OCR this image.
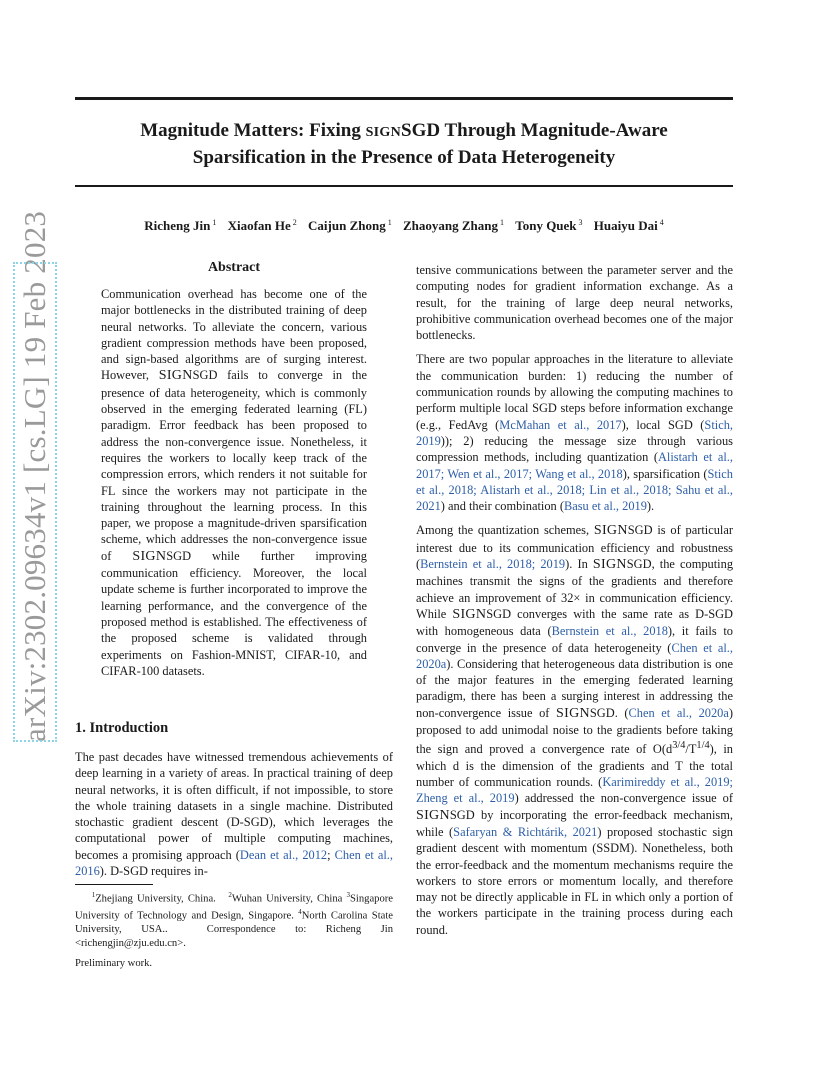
Magnitude Matters: Fixing SIGNSGD Through Magnitude-Aware
Sparsification in the Presence of Data Heterogeneity
Richeng Jin $^1$ Xiaofan He $^2$ Caijun Zhong $^1$ Zhaoyang Zhang $^1$ Tony Quek $^3$ Huaiyu Dai $^4$
arXiv:2302.09634v1 [cs.LG] 19 Feb 2023	Abstract

Communication overhead has become one of the major bottlenecks in the distributed training of deep neural networks. To alleviate the concern, various gradient compression methods have been proposed, and sign-based algorithms are of surging interest. However, SIGNSGD fails to converge in the presence of data heterogeneity, which is commonly observed in the emerging federated learning (FL) paradigm. Error feedback has been proposed to address the non-convergence issue. Nonetheless, it requires the workers to locally keep track of the compression errors, which renders it not suitable for FL since the workers may not participate in the training throughout the learning process. In this paper, we propose a magnitude-driven sparsification scheme, which addresses the non-convergence issue of SIGNSGD while further improving communication efficiency. Moreover, the local update scheme is further incorporated to improve the learning performance, and the convergence of the proposed method is established. The effectiveness of the proposed scheme is validated through experiments on Fashion-MNIST, CIFAR-10, and CIFAR-100 datasets.

1. Introduction

The past decades have witnessed tremendous achievements of deep learning in a variety of areas. In practical training of deep neural networks, it is often difficult, if not impossible, to store the whole training datasets in a single machine. Distributed stochastic gradient descent (D-SGD), which leverages the computational power of multiple computing machines, becomes a promising approach (Dean et al., 2012; Chen et al., 2016). D-SGD requires in-

$^1$Zhejiang University, China. $^2$Wuhan University, China $^3$Singapore University of Technology and Design, Singapore. $^4$North Carolina State University, USA..	Correspondence to: Richeng Jin <richengjin@zju.edu.cn>.

Preliminary work.

tensive communications between the parameter server and the computing nodes for gradient information exchange. As a result, for the training of large deep neural networks, prohibitive communication overhead becomes one of the major bottlenecks.

There are two popular approaches in the literature to alleviate the communication burden: 1) reducing the number of communication rounds by allowing the computing machines to perform multiple local SGD steps before information exchange (e.g., FedAvg (McMahan et al., 2017), local SGD (Stich, 2019)); 2) reducing the message size through various compression methods, including quantization (Alistarh et al., 2017; Wen et al., 2017; Wang et al., 2018), sparsification (Stich et al., 2018; Alistarh et al., 2018; Lin et al., 2018; Sahu et al., 2021) and their combination (Basu et al., 2019).

Among the quantization schemes, SIGNSGD is of particular interest due to its communication efficiency and robustness (Bernstein et al., 2018; 2019). In SIGNSGD, the computing machines transmit the signs of the gradients and therefore achieve an improvement of 32× in communication efficiency. While SIGNSGD converges with the same rate as D-SGD with homogeneous data (Bernstein et al., 2018), it fails to converge in the presence of data heterogeneity (Chen et al., 2020a). Considering that heterogeneous data distribution is one of the major features in the emerging federated learning paradigm, there has been a surging interest in addressing the non-convergence issue of SIGNSGD. (Chen et al., 2020a) proposed to add unimodal noise to the gradients before taking the sign and proved a convergence rate of $O(d^{3/4}/T^{1/4})$, in which d is the dimension of the gradients and T the total number of communication rounds. (Karimireddy et al., 2019; Zheng et al., 2019) addressed the non-convergence issue of SIGNSGD by incorporating the error-feedback mechanism, while (Safaryan & Richtárik, 2021) proposed stochastic sign gradient descent with momentum (SSDM). Nonetheless, both the error-feedback and the momentum mechanisms require the workers to store errors or momentum locally, and therefore may not be directly applicable in FL in which only a portion of the workers participate in the training process during each round.
